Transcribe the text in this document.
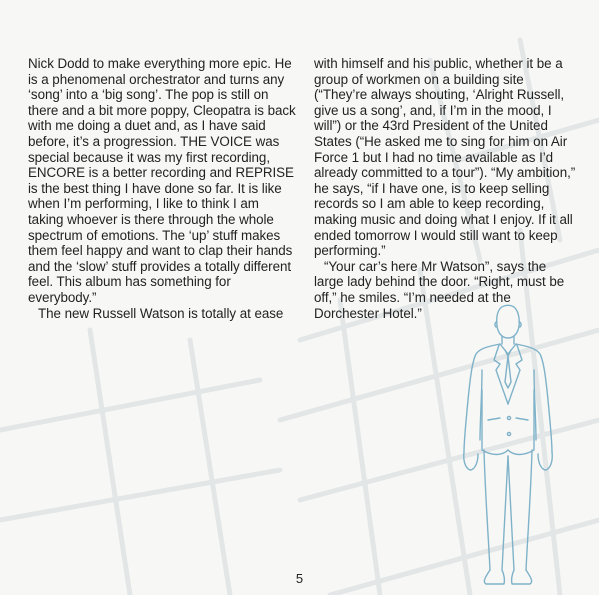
Nick Dodd to make everything more epic. He is a phenomenal orchestrator and turns any ‘song’ into a ‘big song’. The pop is still on there and a bit more poppy, Cleopatra is back with me doing a duet and, as I have said before, it’s a progression. THE VOICE was special because it was my first recording, ENCORE is a better recording and REPRISE is the best thing I have done so far. It is like when I’m performing, I like to think I am taking whoever is there through the whole spectrum of emotions. The ‘up’ stuff makes them feel happy and want to clap their hands and the ‘slow’ stuff provides a totally different feel. This album has something for everybody.”

The new Russell Watson is totally at ease

with himself and his public, whether it be a group of workmen on a building site (“They’re always shouting, ‘Alright Russell, give us a song’, and, if I’m in the mood, I will”) or the 43rd President of the United States (“He asked me to sing for him on Air Force 1 but I had no time available as I’d already committed to a tour”). “My ambition,” he says, “if I have one, is to keep selling records so I am able to keep recording, making music and doing what I enjoy. If it all ended tomorrow I would still want to keep performing.”

“Your car’s here Mr Watson”, says the large lady behind the door. “Right, must be off,” he smiles. “I’m needed at the Dorchester Hotel.”

5
